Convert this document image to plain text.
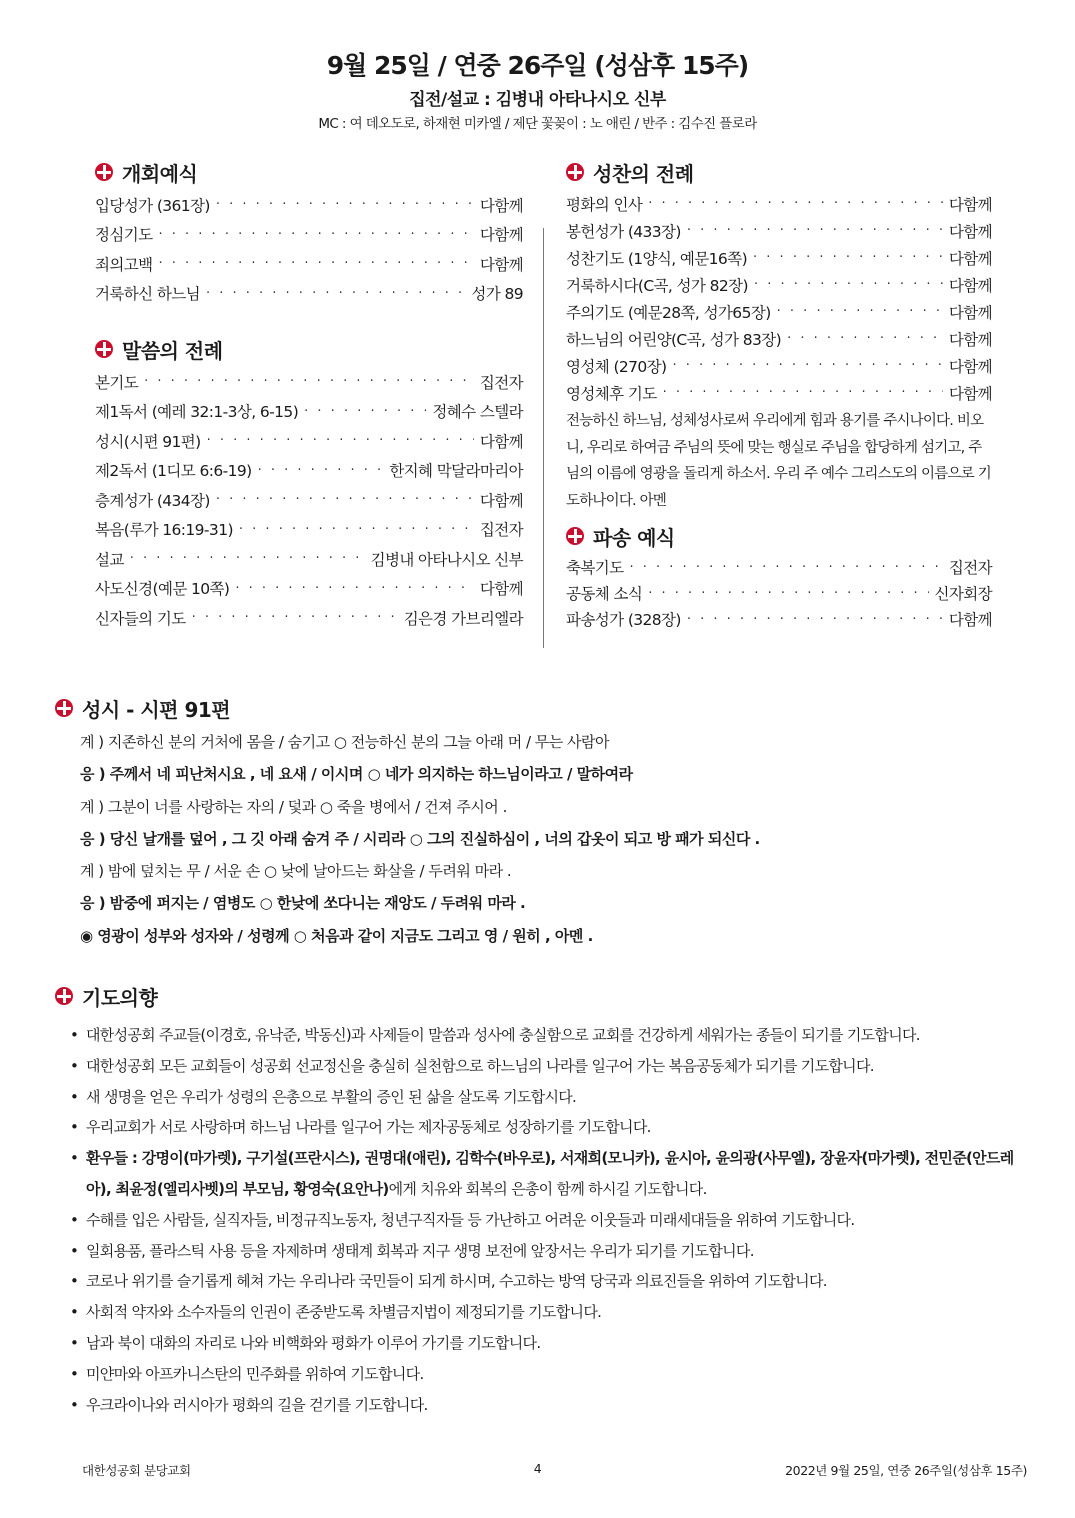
9월 25일 / 연중 26주일 (성삼후 15주)
집전/설교 : 김병내 아타나시오 신부
MC : 여 데오도로, 하재현 미카엘 / 제단 꽃꽂이 : 노 애린 / 반주 : 김수진 플로라
개회예식
입당성가 (361장) · · ·	다함께
정심기도 · · ·	다함께
죄의고백 · · ·	다함께
거룩하신 하느님 · · ·	성가 89
말씀의 전례
본기도 · · ·	집전자
제1독서 (예레 32:1-3상, 6-15) · · ·	정혜수 스텔라
성시(시편 91편) · · ·	다함께
제2독서 (1디모 6:6-19) · · ·	한지혜 막달라마리아
층계성가 (434장) · · ·	다함께
복음(루가 16:19-31) · · ·	집전자
설교 · · ·	김병내 아타나시오 신부
사도신경(예문 10쪽) · · ·	다함께
신자들의 기도 · · ·	김은경 가브리엘라
성찬의 전례
평화의 인사 · · ·	다함께
봉헌성가 (433장) · · ·	다함께
성찬기도 (1양식, 예문16쪽) · · ·	다함께
거룩하시다(C곡, 성가 82장) · · ·	다함께
주의기도 (예문28쪽, 성가65장) · · ·	다함께
하느님의 어린양(C곡, 성가 83장) · · ·	다함께
영성체 (270장) · · ·	다함께
영성체후 기도 · · ·	다함께
전능하신 하느님, 성체성사로써 우리에게 힘과 용기를 주시나이다. 비오니, 우리로 하여금 주님의 뜻에 맞는 행실로 주님을 합당하게 섬기고, 주님의 이름에 영광을 돌리게 하소서. 우리 주 예수 그리스도의 이름으로 기도하나이다. 아멘
파송 예식
축복기도 · · ·	집전자
공동체 소식 · · ·	신자회장
파송성가 (328장) · · ·	다함께
성시 - 시편 91편
계 ) 지존하신 분의 거처에 몸을 / 숨기고 ○ 전능하신 분의 그늘 아래 머 / 무는 사람아
응 ) 주께서 네 피난처시요 , 네 요새 / 이시며 ○ 네가 의지하는 하느님이라고 / 말하여라
계 ) 그분이 너를 사랑하는 자의 / 덫과 ○ 죽을 병에서 / 건져 주시어 .
응 ) 당신 날개를 덮어 , 그 깃 아래 숨겨 주 / 시리라 ○ 그의 진실하심이 , 너의 갑옷이 되고 방 패가 되신다 .
계 ) 밤에 덮치는 무 / 서운 손 ○ 낮에 날아드는 화살을 / 두려워 마라 .
응 ) 밤중에 퍼지는 / 염병도 ○ 한낮에 쏘다니는 재앙도 / 두려워 마라 .
◉ 영광이 성부와 성자와 / 성령께 ○ 처음과 같이 지금도 그리고 영 / 원히 , 아멘 .
기도의향
• 대한성공회 주교들(이경호, 유낙준, 박동신)과 사제들이 말씀과 성사에 충실함으로 교회를 건강하게 세워가는 종들이 되기를 기도합니다.
• 대한성공회 모든 교회들이 성공회 선교정신을 충실히 실천함으로 하느님의 나라를 일구어 가는 복음공동체가 되기를 기도합니다.
• 새 생명을 얻은 우리가 성령의 은총으로 부활의 증인 된 삶을 살도록 기도합시다.
• 우리교회가 서로 사랑하며 하느님 나라를 일구어 가는 제자공동체로 성장하기를 기도합니다.
• 환우들 : 강명이(마가렛), 구기설(프란시스), 권명대(애린), 김학수(바우로), 서재희(모니카), 윤시아, 윤의광(사무엘), 장윤자(마가렛), 전민준(안드레아), 최윤정(엘리사벳)의 부모님, 황영숙(요안나)에게 치유와 회복의 은총이 함께 하시길 기도합니다.
• 수해를 입은 사람들, 실직자들, 비정규직노동자, 청년구직자들 등 가난하고 어려운 이웃들과 미래세대들을 위하여 기도합니다.
• 일회용품, 플라스틱 사용 등을 자제하며 생태계 회복과 지구 생명 보전에 앞장서는 우리가 되기를 기도합니다.
• 코로나 위기를 슬기롭게 헤쳐 가는 우리나라 국민들이 되게 하시며, 수고하는 방역 당국과 의료진들을 위하여 기도합니다.
• 사회적 약자와 소수자들의 인권이 존중받도록 차별금지법이 제정되기를 기도합니다.
• 남과 북이 대화의 자리로 나와 비핵화와 평화가 이루어 가기를 기도합니다.
• 미얀마와 아프카니스탄의 민주화를 위하여 기도합니다.
• 우크라이나와 러시아가 평화의 길을 걷기를 기도합니다.
대한성공회 분당교회	4	2022년 9월 25일, 연중 26주일(성삼후 15주)
